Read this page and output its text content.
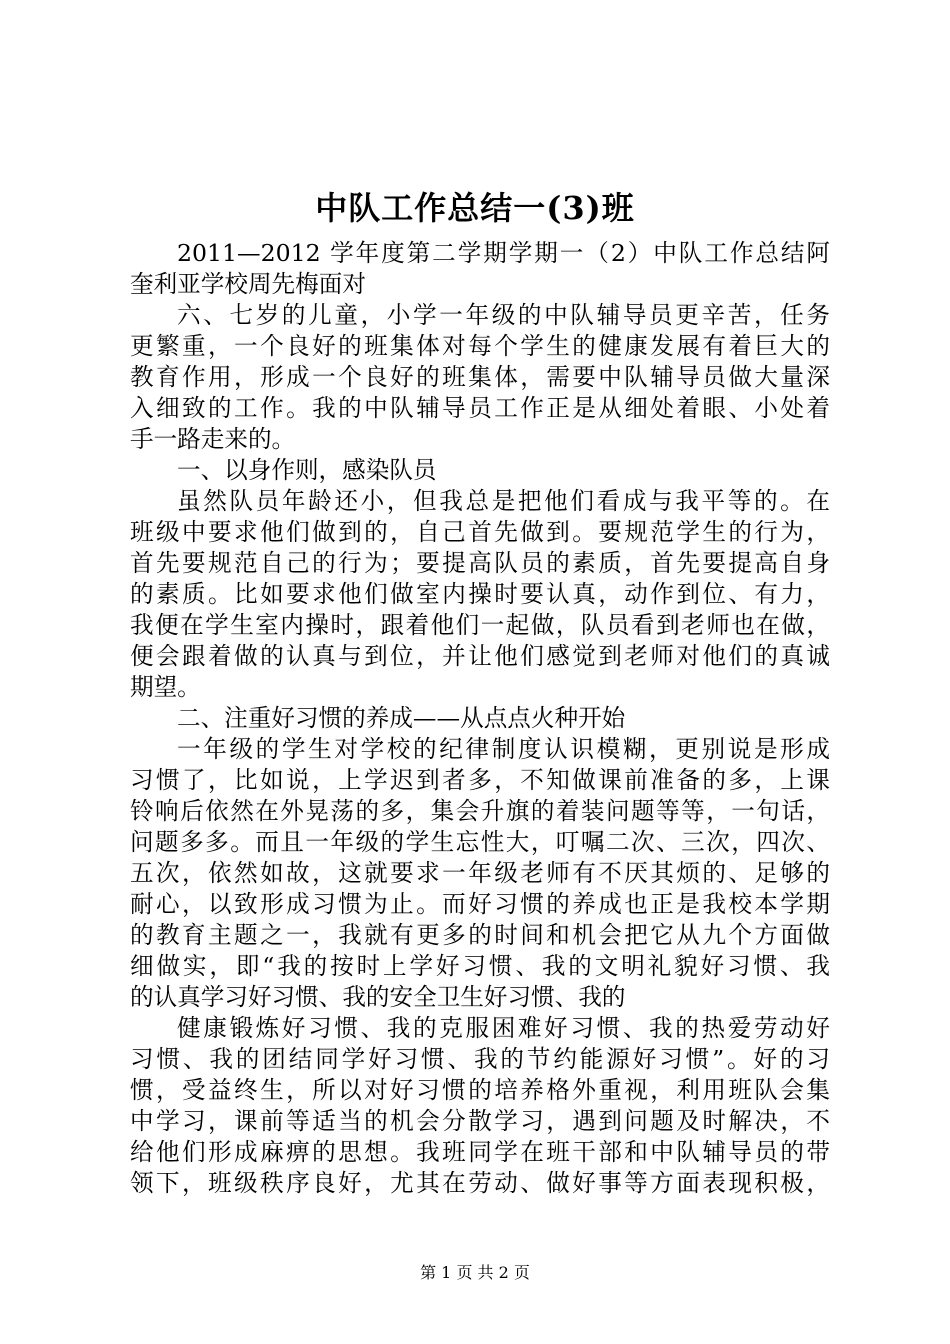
中队工作总结一(3)班
2011—2012 学年度第二学期学期一（2）中队工作总结阿
奎利亚学校周先梅面对
六、七岁的儿童，小学一年级的中队辅导员更辛苦，任务
更繁重，一个良好的班集体对每个学生的健康发展有着巨大的
教育作用，形成一个良好的班集体，需要中队辅导员做大量深
入细致的工作。我的中队辅导员工作正是从细处着眼、小处着
手一路走来的。
一、以身作则，感染队员
虽然队员年龄还小，但我总是把他们看成与我平等的。在
班级中要求他们做到的，自己首先做到。要规范学生的行为，
首先要规范自己的行为；要提高队员的素质，首先要提高自身
的素质。比如要求他们做室内操时要认真，动作到位、有力，
我便在学生室内操时，跟着他们一起做，队员看到老师也在做，
便会跟着做的认真与到位，并让他们感觉到老师对他们的真诚
期望。
二、注重好习惯的养成——从点点火种开始
一年级的学生对学校的纪律制度认识模糊，更别说是形成
习惯了，比如说，上学迟到者多，不知做课前准备的多，上课
铃响后依然在外晃荡的多，集会升旗的着装问题等等，一句话，
问题多多。而且一年级的学生忘性大，叮嘱二次、三次，四次、
五次，依然如故，这就要求一年级老师有不厌其烦的、足够的
耐心，以致形成习惯为止。而好习惯的养成也正是我校本学期
的教育主题之一，我就有更多的时间和机会把它从九个方面做
细做实，即“我的按时上学好习惯、我的文明礼貌好习惯、我
的认真学习好习惯、我的安全卫生好习惯、我的
健康锻炼好习惯、我的克服困难好习惯、我的热爱劳动好
习惯、我的团结同学好习惯、我的节约能源好习惯”。好的习
惯，受益终生，所以对好习惯的培养格外重视，利用班队会集
中学习，课前等适当的机会分散学习，遇到问题及时解决，不
给他们形成麻痹的思想。我班同学在班干部和中队辅导员的带
领下，班级秩序良好，尤其在劳动、做好事等方面表现积极，
第 1 页 共 2 页
